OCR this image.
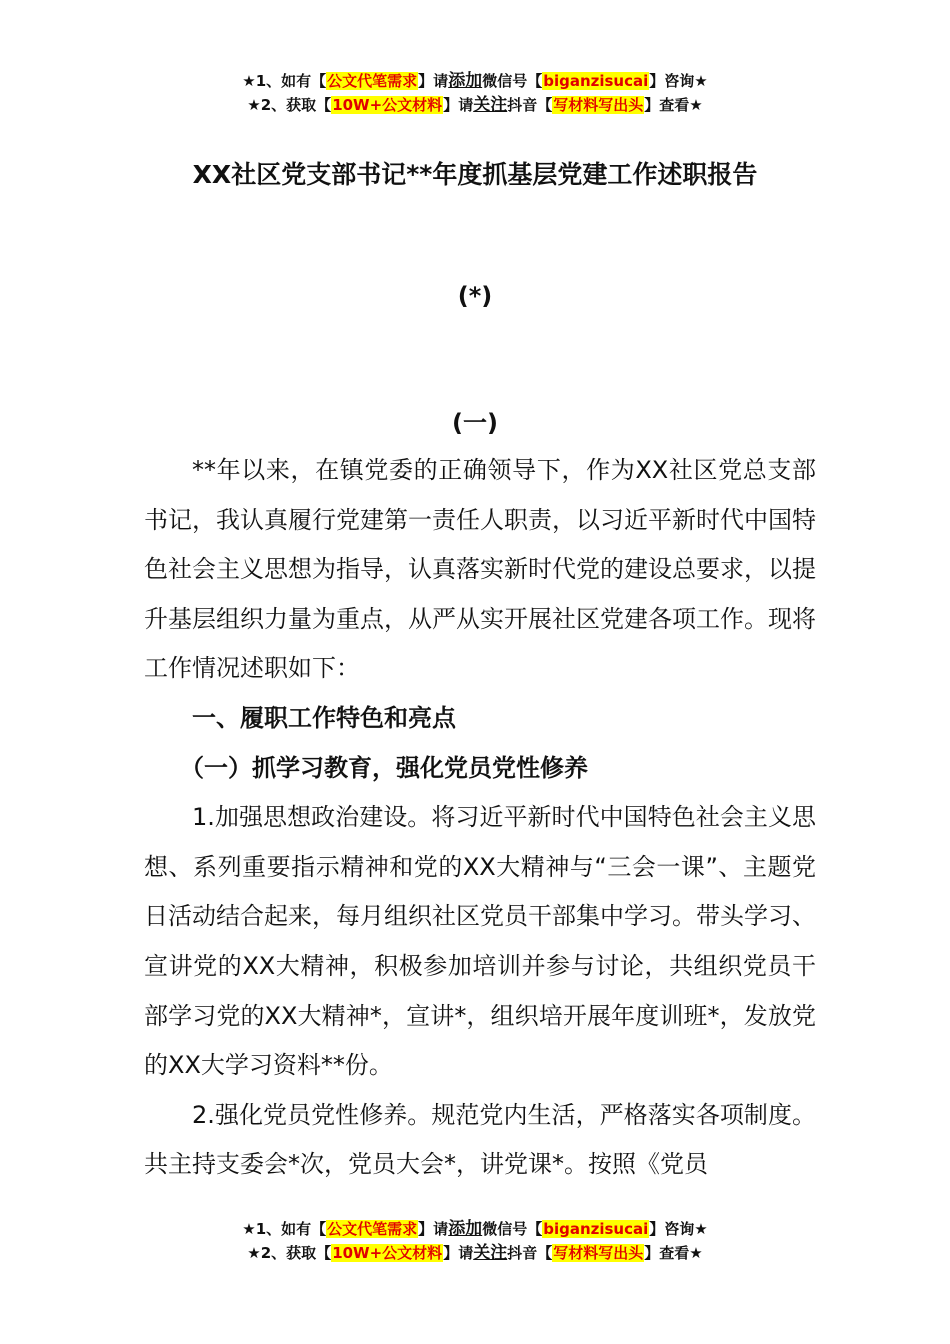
★1、如有【公文代笔需求】请添加微信号【biganzisucai】咨询★
★2、获取【10W+公文材料】请关注抖音【写材料写出头】查看★
XX社区党支部书记**年度抓基层党建工作述职报告
(*)
(一)

**年以来，在镇党委的正确领导下，作为XX社区党总支部书记，我认真履行党建第一责任人职责，以习近平新时代中国特色社会主义思想为指导，认真落实新时代党的建设总要求，以提升基层组织力量为重点，从严从实开展社区党建各项工作。现将工作情况述职如下：

一、履职工作特色和亮点

（一）抓学习教育，强化党员党性修养

1.加强思想政治建设。将习近平新时代中国特色社会主义思想、系列重要指示精神和党的XX大精神与“三会一课”、主题党日活动结合起来，每月组织社区党员干部集中学习。带头学习、宣讲党的XX大精神，积极参加培训并参与讨论，共组织党员干部学习党的XX大精神*，宣讲*，组织培开展年度训班*，发放党的XX大学习资料**份。

2.强化党员党性修养。规范党内生活，严格落实各项制度。共主持支委会*次，党员大会*，讲党课*。按照《党员

★1、如有【公文代笔需求】请添加微信号【biganzisucai】咨询★
★2、获取【10W+公文材料】请关注抖音【写材料写出头】查看★
